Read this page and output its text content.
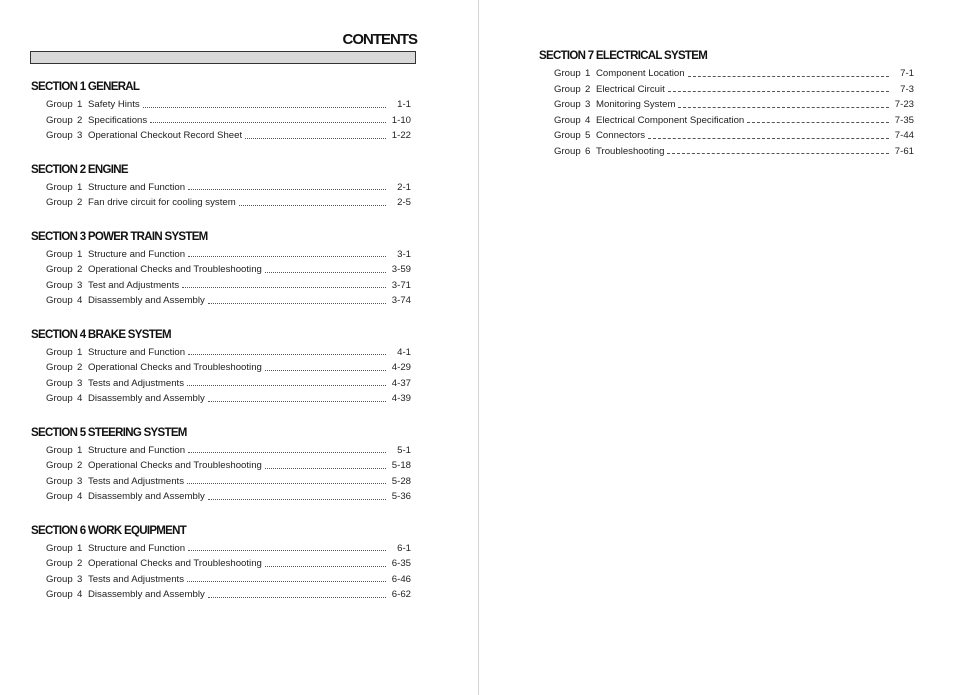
CONTENTS
SECTION 1 GENERAL
Group 1 Safety Hints	1-1
Group 2 Specifications	1-10
Group 3 Operational Checkout Record Sheet	1-22
SECTION 2 ENGINE
Group 1 Structure and Function	2-1
Group 2 Fan drive circuit for cooling system	2-5
SECTION 3 POWER TRAIN SYSTEM
Group 1 Structure and Function	3-1
Group 2 Operational Checks and Troubleshooting	3-59
Group 3 Test and Adjustments	3-71
Group 4 Disassembly and Assembly	3-74
SECTION 4 BRAKE SYSTEM
Group 1 Structure and Function	4-1
Group 2 Operational Checks and Troubleshooting	4-29
Group 3 Tests and Adjustments	4-37
Group 4 Disassembly and Assembly	4-39
SECTION 5 STEERING SYSTEM
Group 1 Structure and Function	5-1
Group 2 Operational Checks and Troubleshooting	5-18
Group 3 Tests and Adjustments	5-28
Group 4 Disassembly and Assembly	5-36
SECTION 6 WORK EQUIPMENT
Group 1 Structure and Function	6-1
Group 2 Operational Checks and Troubleshooting	6-35
Group 3 Tests and Adjustments	6-46
Group 4 Disassembly and Assembly	6-62
SECTION 7 ELECTRICAL SYSTEM
Group 1 Component Location	7-1
Group 2 Electrical Circuit	7-3
Group 3 Monitoring System	7-23
Group 4 Electrical Component Specification	7-35
Group 5 Connectors	7-44
Group 6 Troubleshooting	7-61
